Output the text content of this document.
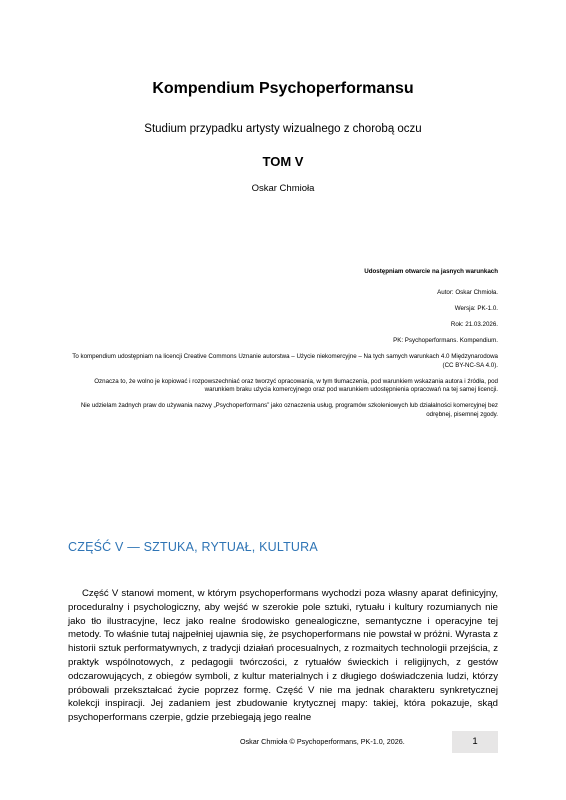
Kompendium Psychoperformansu
Studium przypadku artysty wizualnego z chorobą oczu
TOM V
Oskar Chmioła

Udostępniam otwarcie na jasnych warunkach

Autor: Oskar Chmioła.

Wersja: PK-1.0.

Rok: 21.03.2026.

PK: Psychoperformans. Kompendium.

To kompendium udostępniam na licencji Creative Commons Uznanie autorstwa – Użycie niekomercyjne – Na tych samych warunkach 4.0 Międzynarodowa (CC BY-NC-SA 4.0).

Oznacza to, że wolno je kopiować i rozpowszechniać oraz tworzyć opracowania, w tym tłumaczenia, pod warunkiem wskazania autora i źródła, pod warunkiem braku użycia komercyjnego oraz pod warunkiem udostępnienia opracowań na tej samej licencji.

Nie udzielam żadnych praw do używania nazwy „Psychoperformans” jako oznaczenia usług, programów szkoleniowych lub działalności komercyjnej bez odrębnej, pisemnej zgody.

CZĘŚĆ V — SZTUKA, RYTUAŁ, KULTURA

Część V stanowi moment, w którym psychoperformans wychodzi poza własny aparat definicyjny, proceduralny i psychologiczny, aby wejść w szerokie pole sztuki, rytuału i kultury rozumianych nie jako tło ilustracyjne, lecz jako realne środowisko genealogiczne, semantyczne i operacyjne tej metody. To właśnie tutaj najpełniej ujawnia się, że psychoperformans nie powstał w próżni. Wyrasta z historii sztuk performatywnych, z tradycji działań procesualnych, z rozmaitych technologii przejścia, z praktyk wspólnotowych, z pedagogii twórczości, z rytuałów świeckich i religijnych, z gestów odczarowujących, z obiegów symboli, z kultur materialnych i z długiego doświadczenia ludzi, którzy próbowali przekształcać życie poprzez formę. Część V nie ma jednak charakteru synkretycznej kolekcji inspiracji. Jej zadaniem jest zbudowanie krytycznej mapy: takiej, która pokazuje, skąd psychoperformans czerpie, gdzie przebiegają jego realne

Oskar Chmioła © Psychoperformans, PK-1.0, 2026.	1
